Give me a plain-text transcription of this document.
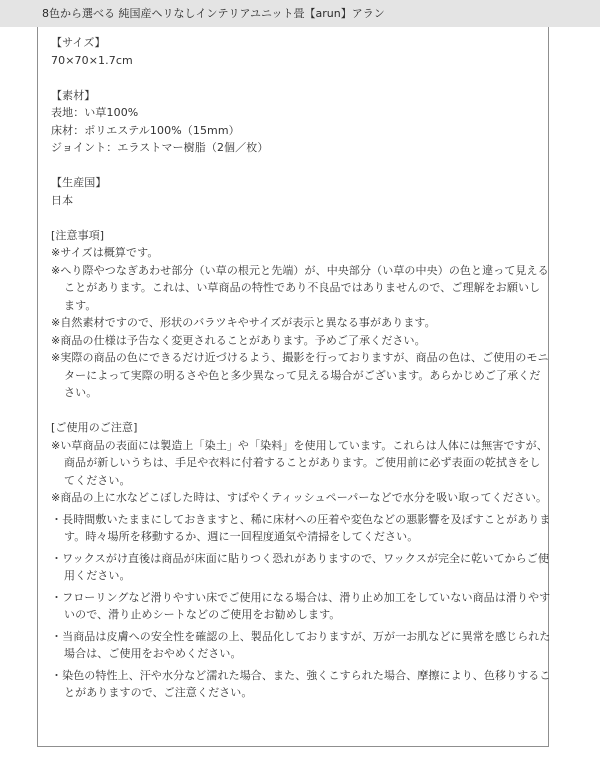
8色から選べる 純国産ヘリなしインテリアユニット畳【arun】アラン
【サイズ】
70×70×1.7cm
【素材】
表地：い草100%
床材：ポリエステル100%（15mm）
ジョイント：エラストマー樹脂（2個／枚）
【生産国】
日本
[注意事項]
※サイズは概算です。
※へり際やつなぎあわせ部分（い草の根元と先端）が、中央部分（い草の中央）の色と違って見えることがあります。これは、い草商品の特性であり不良品ではありませんので、ご理解をお願いします。
※自然素材ですので、形状のバラツキやサイズが表示と異なる事があります。
※商品の仕様は予告なく変更されることがあります。予めご了承ください。
※実際の商品の色にできるだけ近づけるよう、撮影を行っておりますが、商品の色は、ご使用のモニターによって実際の明るさや色と多少異なって見える場合がございます。あらかじめご了承ください。
[ご使用のご注意]
※い草商品の表面には製造上「染土」や「染料」を使用しています。これらは人体には無害ですが、商品が新しいうちは、手足や衣料に付着することがあります。ご使用前に必ず表面の乾拭きをしてください。
※商品の上に水などこぼした時は、すばやくティッシュペーパーなどで水分を吸い取ってください。
・長時間敷いたままにしておきますと、稀に床材への圧着や変色などの悪影響を及ぼすことがあります。時々場所を移動するか、週に一回程度通気や清掃をしてください。
・ワックスがけ直後は商品が床面に貼りつく恐れがありますので、ワックスが完全に乾いてからご使用ください。
・フローリングなど滑りやすい床でご使用になる場合は、滑り止め加工をしていない商品は滑りやすいので、滑り止めシートなどのご使用をお勧めします。
・当商品は皮膚への安全性を確認の上、製品化しておりますが、万が一お肌などに異常を感じられた場合は、ご使用をおやめください。
・染色の特性上、汗や水分など濡れた場合、また、強くこすられた場合、摩擦により、色移りすることがありますので、ご注意ください。
